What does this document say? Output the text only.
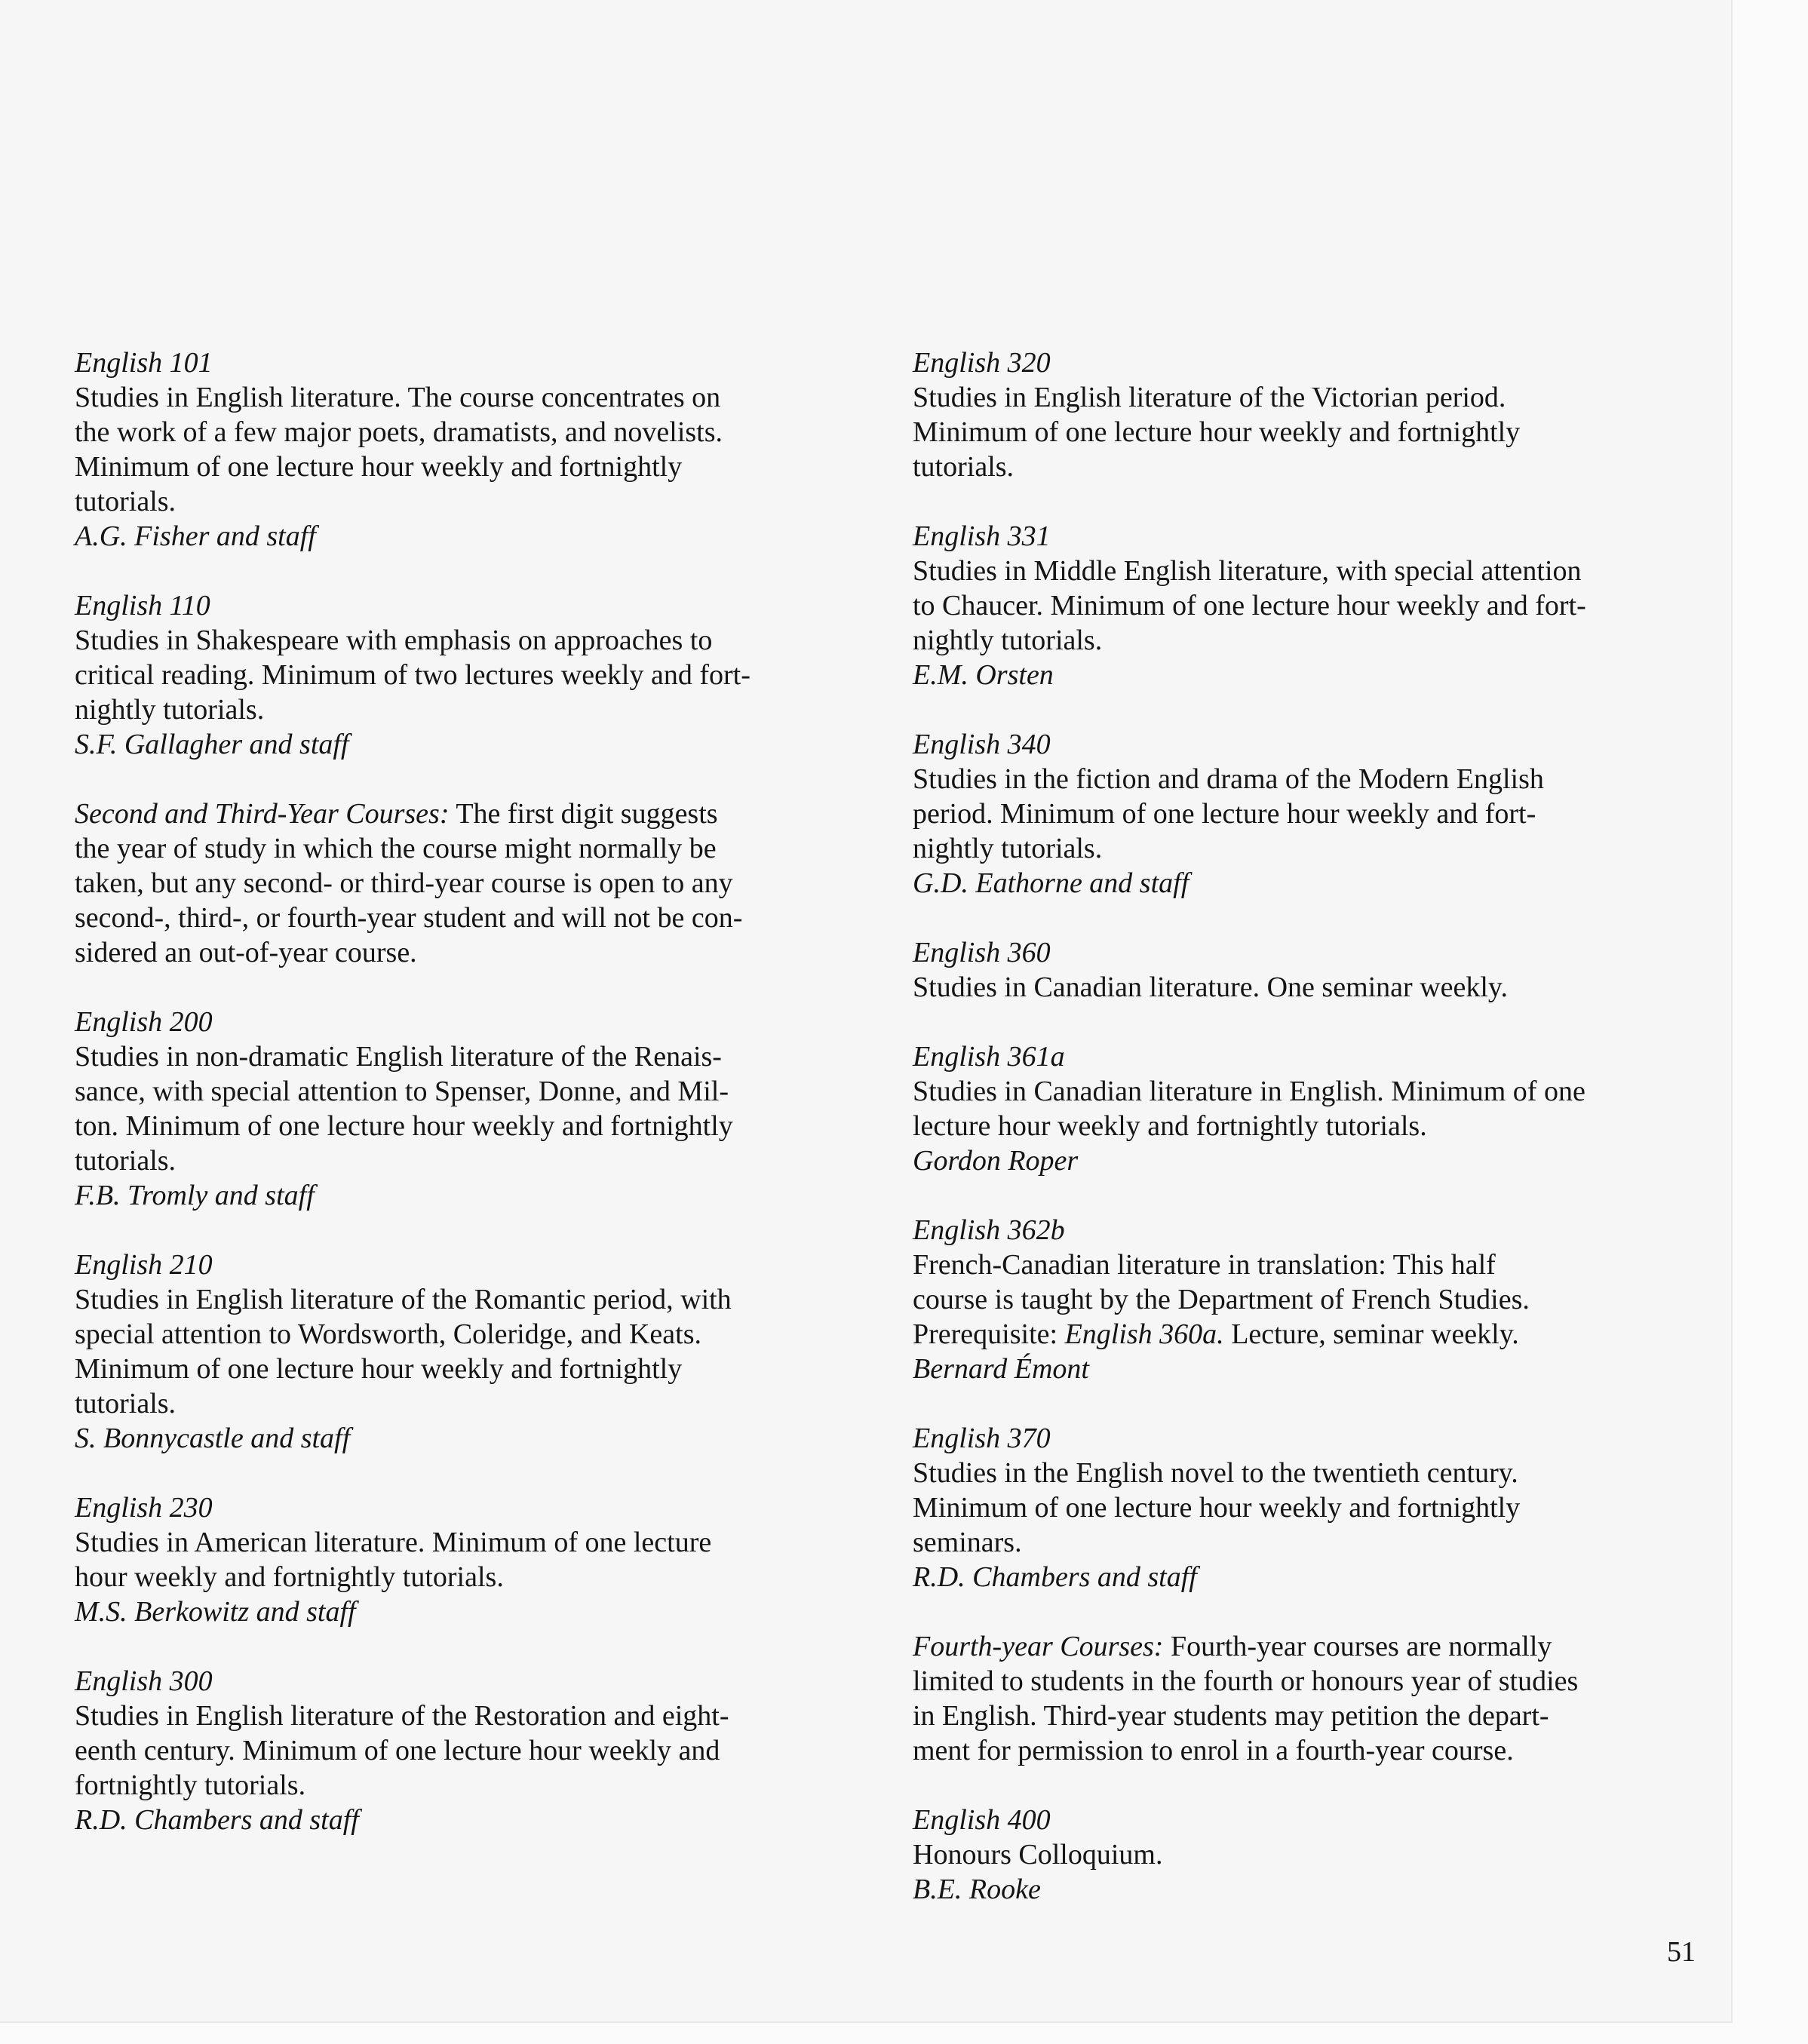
English 101

Studies in English literature. The course concentrates on
the work of a few major poets, dramatists, and novelists.
Minimum of one lecture hour weekly and fortnightly
tutorials.

A.G. Fisher and staff

English 110

Studies in Shakespeare with emphasis on approaches to
critical reading. Minimum of two lectures weekly and fort-
nightly tutorials.

S.F. Gallagher and staff

Second and Third-Year Courses: The first digit suggests
the year of study in which the course might normally be
taken, but any second- or third-year course is open to any
second-, third-, or fourth-year student and will not be con-
sidered an out-of-year course.

English 200

Studies in non-dramatic English literature of the Renais-
sance, with special attention to Spenser, Donne, and Mil-
ton. Minimum of one lecture hour weekly and fortnightly
tutorials.

F.B. Tromly and staff

English 210

Studies in English literature of the Romantic period, with
special attention to Wordsworth, Coleridge, and Keats.
Minimum of one lecture hour weekly and fortnightly
tutorials.

S. Bonnycastle and staff

English 230

Studies in American literature. Minimum of one lecture
hour weekly and fortnightly tutorials.

M.S. Berkowitz and staff

English 300

Studies in English literature of the Restoration and eight-
eenth century. Minimum of one lecture hour weekly and
fortnightly tutorials.

R.D. Chambers and staff

English 320

Studies in English literature of the Victorian period.
Minimum of one lecture hour weekly and fortnightly
tutorials.

English 331

Studies in Middle English literature, with special attention
to Chaucer. Minimum of one lecture hour weekly and fort-
nightly tutorials.

E.M. Orsten

English 340

Studies in the fiction and drama of the Modern English
period. Minimum of one lecture hour weekly and fort-
nightly tutorials.

G.D. Eathorne and staff

English 360

Studies in Canadian literature. One seminar weekly.

English 361a

Studies in Canadian literature in English. Minimum of one
lecture hour weekly and fortnightly tutorials.

Gordon Roper

English 362b

French-Canadian literature in translation: This half
course is taught by the Department of French Studies.
Prerequisite: English 360a. Lecture, seminar weekly.

Bernard Émont

English 370

Studies in the English novel to the twentieth century.
Minimum of one lecture hour weekly and fortnightly
seminars.

R.D. Chambers and staff

Fourth-year Courses: Fourth-year courses are normally
limited to students in the fourth or honours year of studies
in English. Third-year students may petition the depart-
ment for permission to enrol in a fourth-year course.

English 400

Honours Colloquium.

B.E. Rooke

51
